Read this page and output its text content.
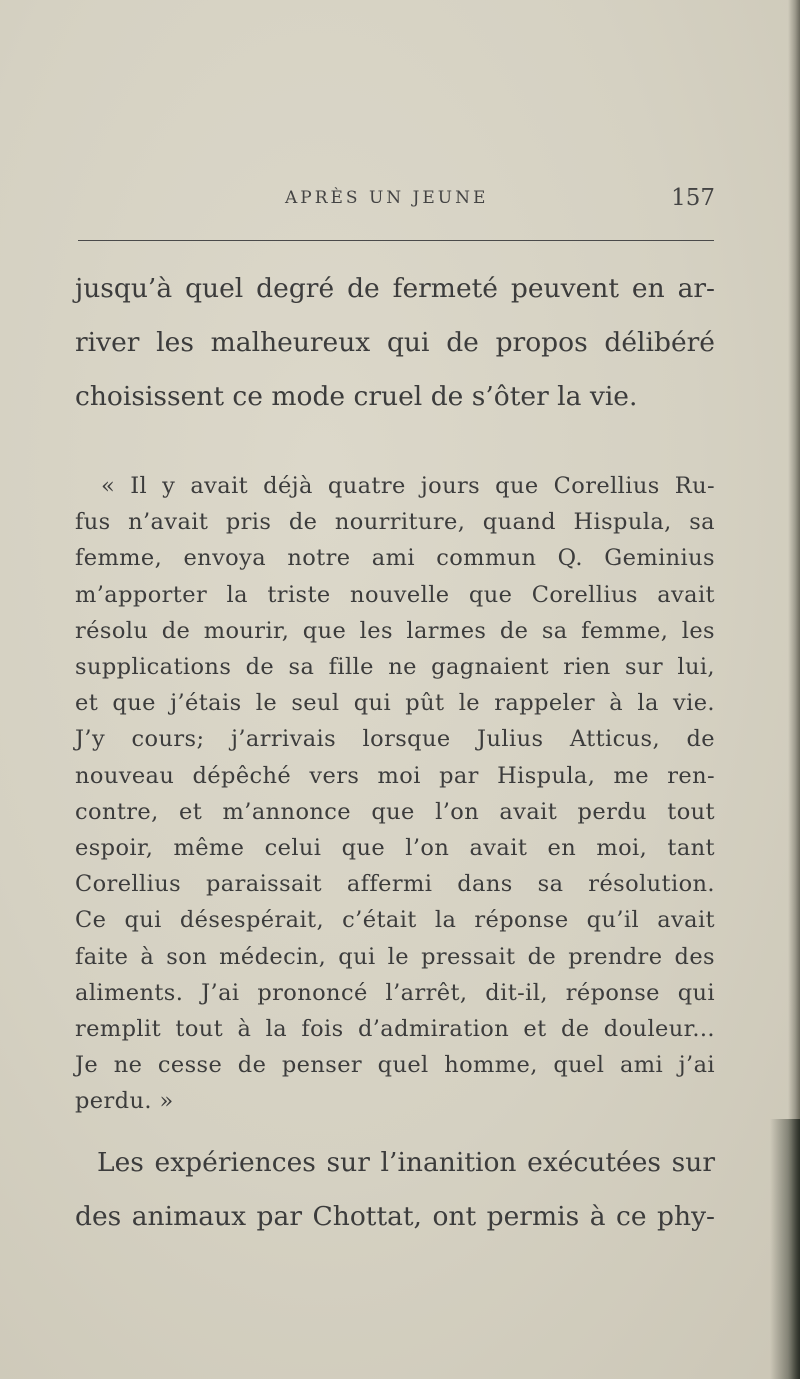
APRÈS UN JEUNE	157
jusqu’à quel degré de fermeté peuvent en ar-
river les malheureux qui de propos délibéré
choisissent ce mode cruel de s’ôter la vie.
« Il y avait déjà quatre jours que Corellius Ru-
fus n’avait pris de nourriture, quand Hispula, sa
femme, envoya notre ami commun Q. Geminius
m’apporter la triste nouvelle que Corellius avait
résolu de mourir, que les larmes de sa femme, les
supplications de sa fille ne gagnaient rien sur lui,
et que j’étais le seul qui pût le rappeler à la vie.
J’y cours; j’arrivais lorsque Julius Atticus, de
nouveau dépêché vers moi par Hispula, me ren-
contre, et m’annonce que l’on avait perdu tout
espoir, même celui que l’on avait en moi, tant
Corellius paraissait affermi dans sa résolution.
Ce qui désespérait, c’était la réponse qu’il avait
faite à son médecin, qui le pressait de prendre des
aliments. J’ai prononcé l’arrêt, dit-il, réponse qui
remplit tout à la fois d’admiration et de douleur...
Je ne cesse de penser quel homme, quel ami j’ai
perdu. »
Les expériences sur l’inanition exécutées sur
des animaux par Chottat, ont permis à ce phy-
